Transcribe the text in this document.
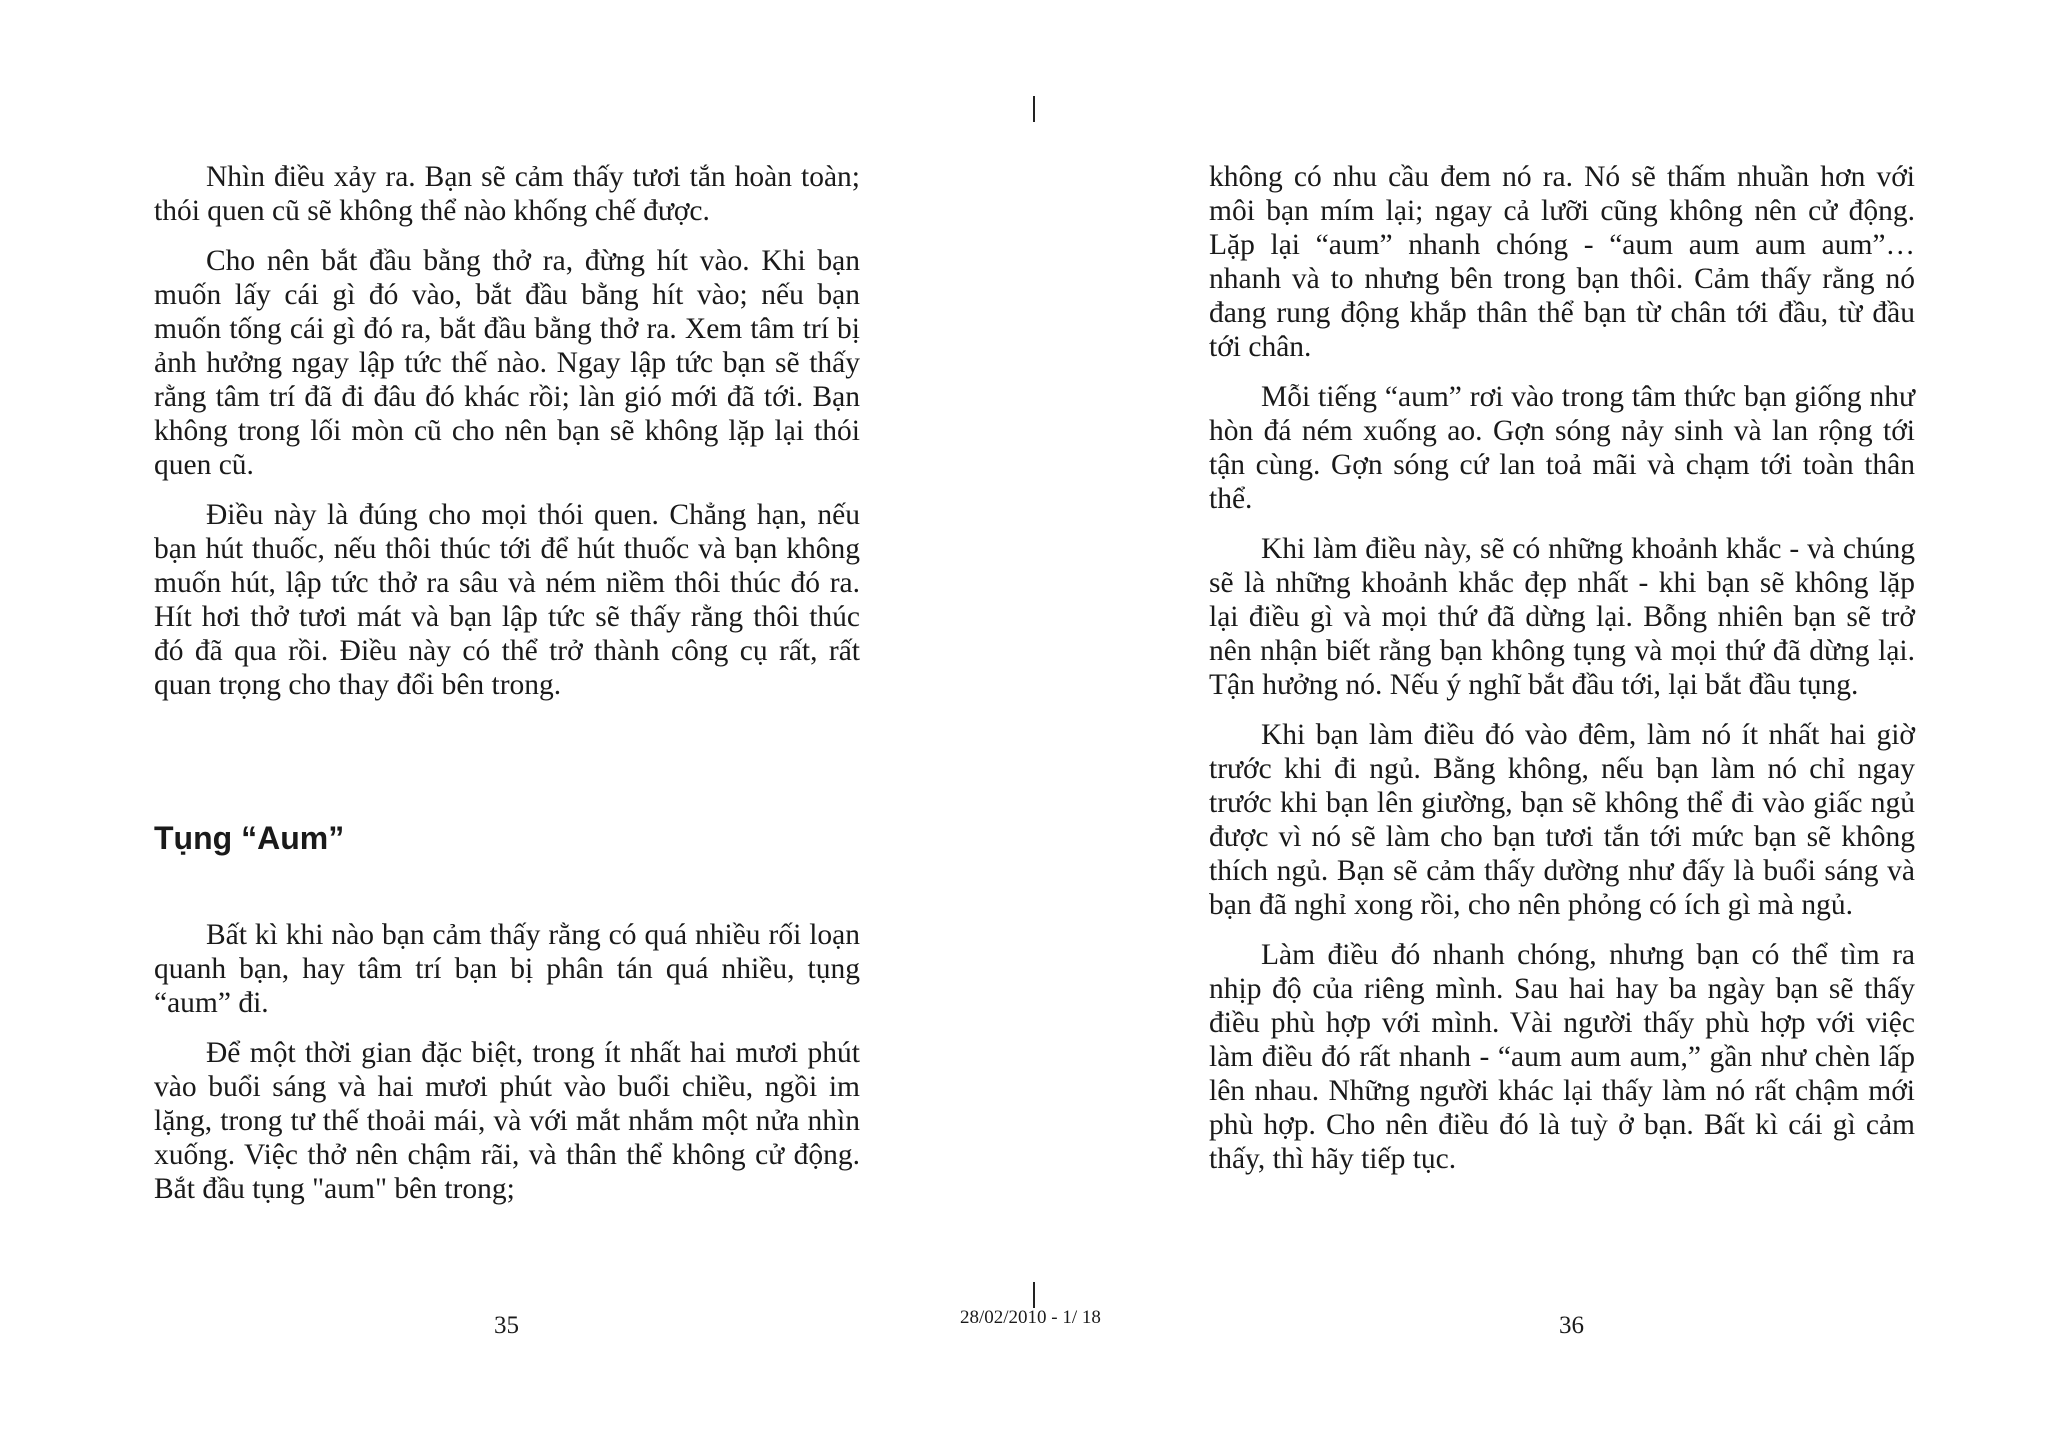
Nhìn điều xảy ra. Bạn sẽ cảm thấy tươi tắn hoàn toàn; thói quen cũ sẽ không thể nào khống chế được.

Cho nên bắt đầu bằng thở ra, đừng hít vào. Khi bạn muốn lấy cái gì đó vào, bắt đầu bằng hít vào; nếu bạn muốn tống cái gì đó ra, bắt đầu bằng thở ra. Xem tâm trí bị ảnh hưởng ngay lập tức thế nào. Ngay lập tức bạn sẽ thấy rằng tâm trí đã đi đâu đó khác rồi; làn gió mới đã tới. Bạn không trong lối mòn cũ cho nên bạn sẽ không lặp lại thói quen cũ.

Điều này là đúng cho mọi thói quen. Chẳng hạn, nếu bạn hút thuốc, nếu thôi thúc tới để hút thuốc và bạn không muốn hút, lập tức thở ra sâu và ném niềm thôi thúc đó ra. Hít hơi thở tươi mát và bạn lập tức sẽ thấy rằng thôi thúc đó đã qua rồi. Điều này có thể trở thành công cụ rất, rất quan trọng cho thay đổi bên trong.

Tụng “Aum”

Bất kì khi nào bạn cảm thấy rằng có quá nhiều rối loạn quanh bạn, hay tâm trí bạn bị phân tán quá nhiều, tụng “aum” đi.

Để một thời gian đặc biệt, trong ít nhất hai mươi phút vào buổi sáng và hai mươi phút vào buổi chiều, ngồi im lặng, trong tư thế thoải mái, và với mắt nhắm một nửa nhìn xuống. Việc thở nên chậm rãi, và thân thể không cử động. Bắt đầu tụng "aum" bên trong;

không có nhu cầu đem nó ra. Nó sẽ thấm nhuần hơn với môi bạn mím lại; ngay cả lưỡi cũng không nên cử động. Lặp lại “aum” nhanh chóng - “aum aum aum aum”… nhanh và to nhưng bên trong bạn thôi. Cảm thấy rằng nó đang rung động khắp thân thể bạn từ chân tới đầu, từ đầu tới chân.

Mỗi tiếng “aum” rơi vào trong tâm thức bạn giống như hòn đá ném xuống ao. Gợn sóng nảy sinh và lan rộng tới tận cùng. Gợn sóng cứ lan toả mãi và chạm tới toàn thân thể.

Khi làm điều này, sẽ có những khoảnh khắc - và chúng sẽ là những khoảnh khắc đẹp nhất - khi bạn sẽ không lặp lại điều gì và mọi thứ đã dừng lại. Bỗng nhiên bạn sẽ trở nên nhận biết rằng bạn không tụng và mọi thứ đã dừng lại. Tận hưởng nó. Nếu ý nghĩ bắt đầu tới, lại bắt đầu tụng.

Khi bạn làm điều đó vào đêm, làm nó ít nhất hai giờ trước khi đi ngủ. Bằng không, nếu bạn làm nó chỉ ngay trước khi bạn lên giường, bạn sẽ không thể đi vào giấc ngủ được vì nó sẽ làm cho bạn tươi tắn tới mức bạn sẽ không thích ngủ. Bạn sẽ cảm thấy dường như đấy là buổi sáng và bạn đã nghỉ xong rồi, cho nên phỏng có ích gì mà ngủ.

Làm điều đó nhanh chóng, nhưng bạn có thể tìm ra nhịp độ của riêng mình. Sau hai hay ba ngày bạn sẽ thấy điều phù hợp với mình. Vài người thấy phù hợp với việc làm điều đó rất nhanh - “aum aum aum,” gần như chèn lấp lên nhau. Những người khác lại thấy làm nó rất chậm mới phù hợp. Cho nên điều đó là tuỳ ở bạn. Bất kì cái gì cảm thấy, thì hãy tiếp tục.

35	28/02/2010 - 1/ 18	36
